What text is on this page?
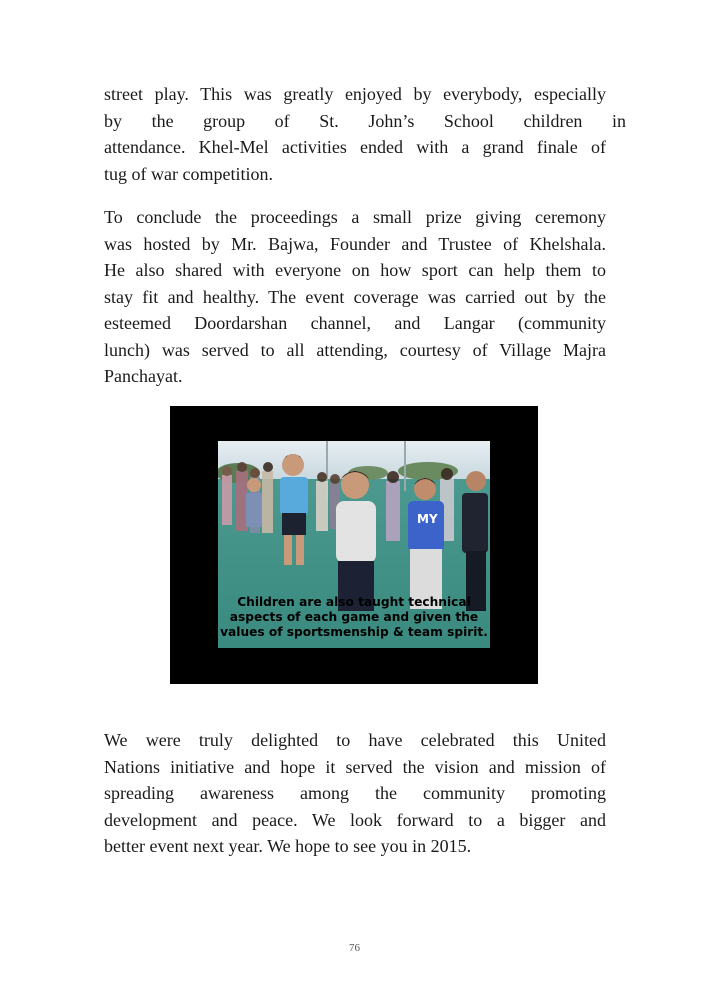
street play. This was greatly enjoyed by everybody, especially
by the group of St. John’s School children in
attendance. Khel-Mel activities ended with a grand finale of
tug of war competition.
To conclude the proceedings a small prize giving ceremony
was hosted by Mr. Bajwa, Founder and Trustee of Khelshala.
He also shared with everyone on how sport can help them to
stay fit and healthy. The event coverage was carried out by the
esteemed Doordarshan channel, and Langar (community
lunch) was served to all attending, courtesy of Village Majra
Panchayat.
MY
Children are also taught technical
aspects of each game and given the
values of sportsmenship & team spirit.
We were truly delighted to have celebrated this United
Nations initiative and hope it served the vision and mission of
spreading awareness among the community promoting
development and peace. We look forward to a bigger and
better event next year. We hope to see you in 2015.
76
